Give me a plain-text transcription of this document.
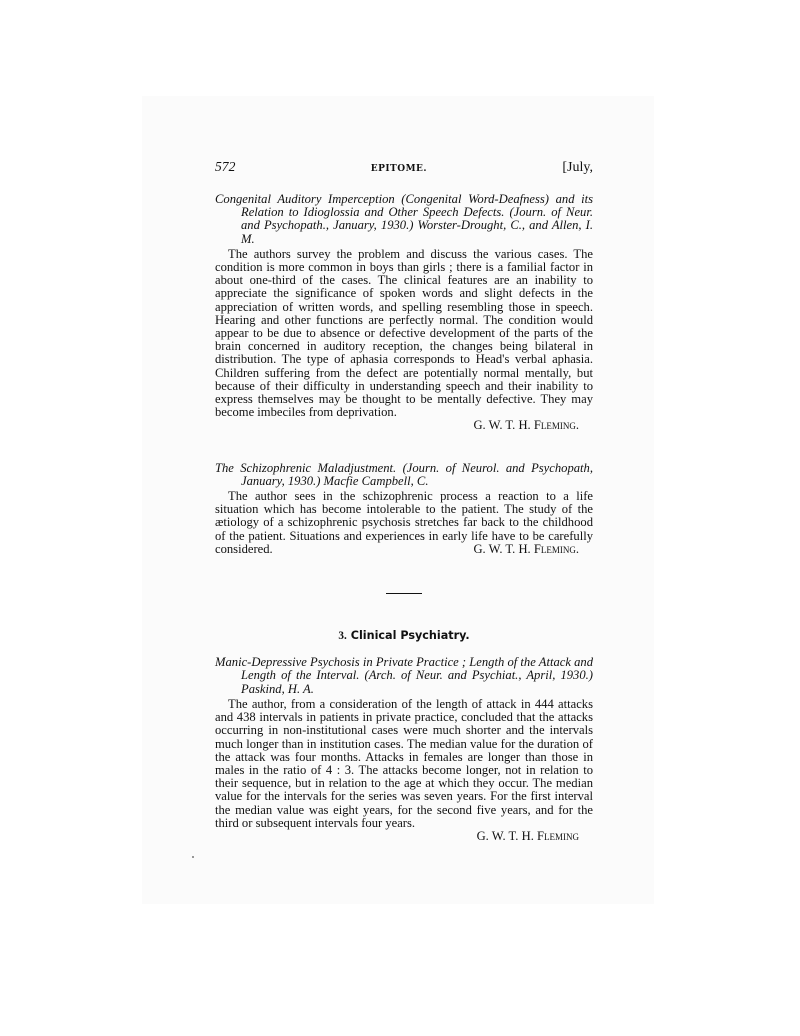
572	EPITOME.	[July,

Congenital Auditory Imperception (Congenital Word-Deafness) and its Relation to Idioglossia and Other Speech Defects. (Journ. of Neur. and Psychopath., January, 1930.) Worster-Drought, C., and Allen, I. M.

The authors survey the problem and discuss the various cases. The condition is more common in boys than girls ; there is a familial factor in about one-third of the cases. The clinical features are an inability to appreciate the significance of spoken words and slight defects in the appreciation of written words, and spelling resembling those in speech. Hearing and other functions are perfectly normal. The condition would appear to be due to absence or defective development of the parts of the brain concerned in auditory reception, the changes being bilateral in distribution. The type of aphasia corresponds to Head's verbal aphasia. Children suffering from the defect are potentially normal mentally, but because of their difficulty in understanding speech and their inability to express themselves may be thought to be mentally defective. They may become imbeciles from deprivation.

G. W. T. H. Fleming.

The Schizophrenic Maladjustment. (Journ. of Neurol. and Psychopath, January, 1930.) Macfie Campbell, C.

The author sees in the schizophrenic process a reaction to a life situation which has become intolerable to the patient. The study of the ætiology of a schizophrenic psychosis stretches far back to the childhood of the patient. Situations and experiences in early life have to be carefully considered.	G. W. T. H. Fleming.

3. Clinical Psychiatry.

Manic-Depressive Psychosis in Private Practice ; Length of the Attack and Length of the Interval. (Arch. of Neur. and Psychiat., April, 1930.) Paskind, H. A.

The author, from a consideration of the length of attack in 444 attacks and 438 intervals in patients in private practice, concluded that the attacks occurring in non-institutional cases were much shorter and the intervals much longer than in institution cases. The median value for the duration of the attack was four months. Attacks in females are longer than those in males in the ratio of 4 : 3. The attacks become longer, not in relation to their sequence, but in relation to the age at which they occur. The median value for the intervals for the series was seven years. For the first interval the median value was eight years, for the second five years, and for the third or subsequent intervals four years.

G. W. T. H. Fleming
